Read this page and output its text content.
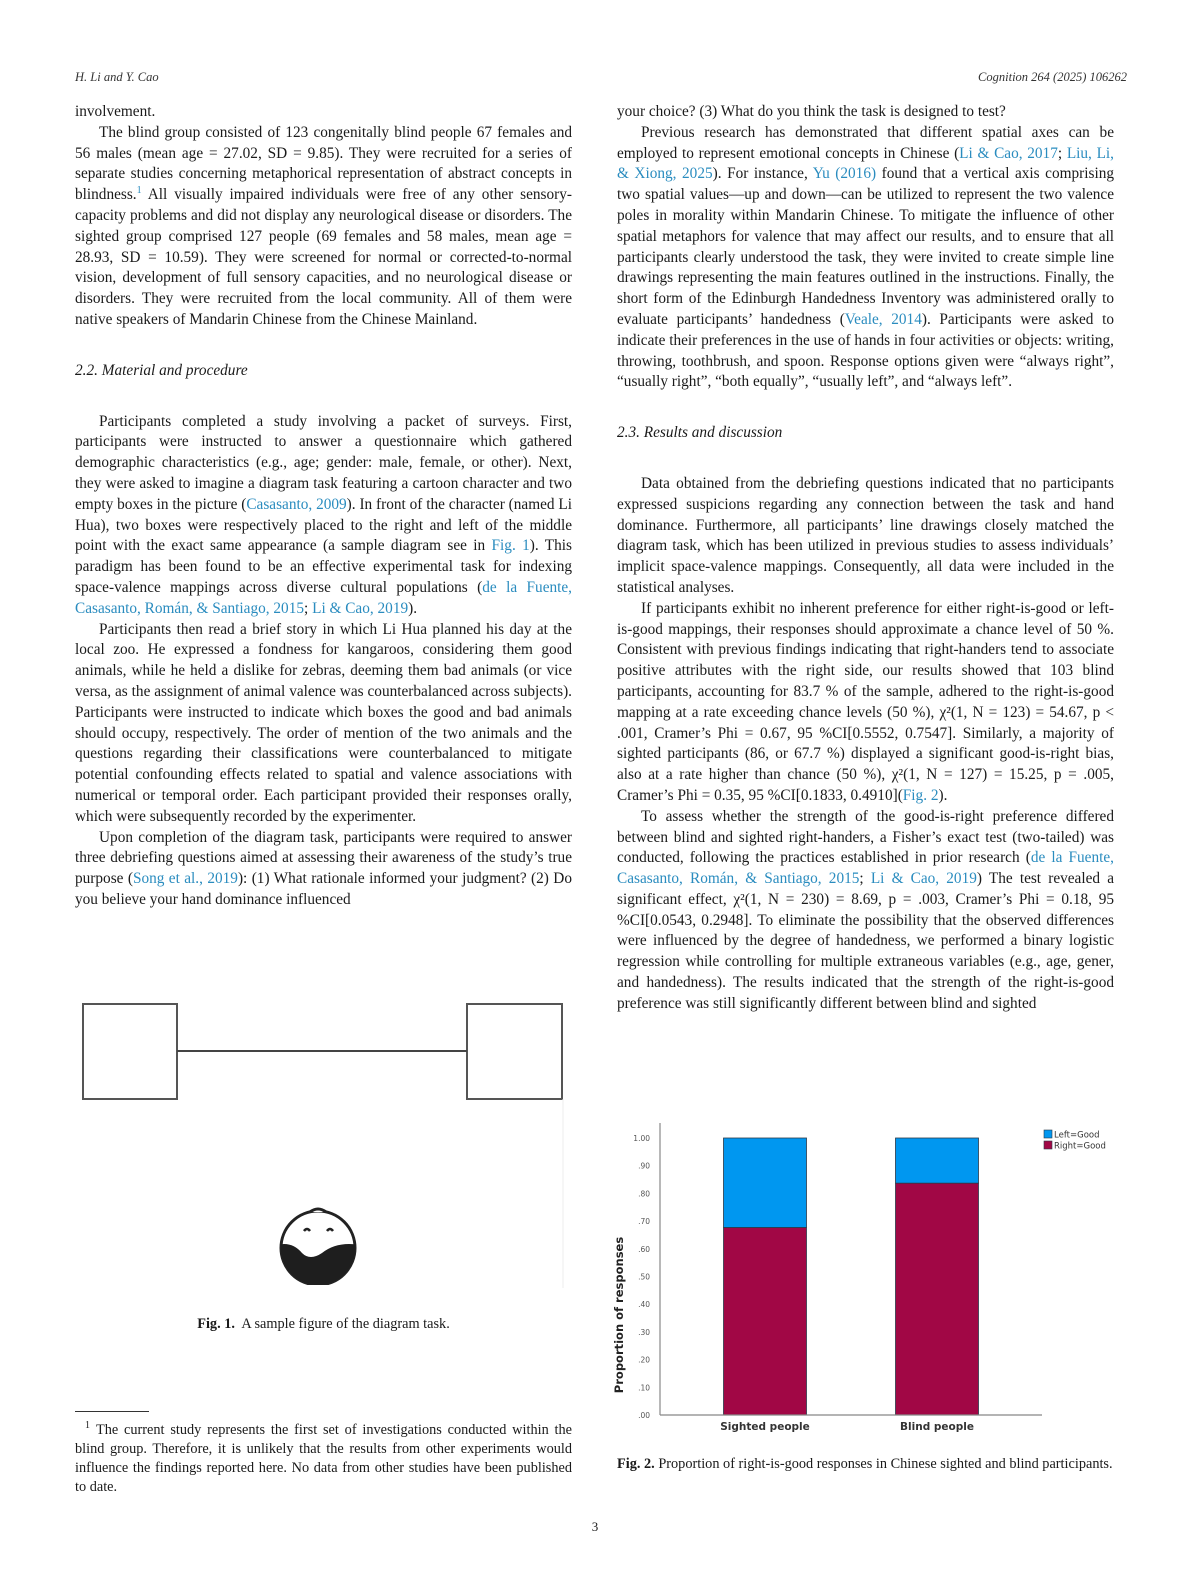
H. Li and Y. Cao	Cognition 264 (2025) 106262

involvement.

The blind group consisted of 123 congenitally blind people 67 females and 56 males (mean age = 27.02, SD = 9.85). They were recruited for a series of separate studies concerning metaphorical representation of abstract concepts in blindness.$^1$ All visually impaired individuals were free of any other sensory-capacity problems and did not display any neurological disease or disorders. The sighted group comprised 127 people (69 females and 58 males, mean age = 28.93, SD = 10.59). They were screened for normal or corrected-to-normal vision, development of full sensory capacities, and no neurological disease or disorders. They were recruited from the local community. All of them were native speakers of Mandarin Chinese from the Chinese Mainland.

2.2. Material and procedure

Participants completed a study involving a packet of surveys. First, participants were instructed to answer a questionnaire which gathered demographic characteristics (e.g., age; gender: male, female, or other). Next, they were asked to imagine a diagram task featuring a cartoon character and two empty boxes in the picture (Casasanto, 2009). In front of the character (named Li Hua), two boxes were respectively placed to the right and left of the middle point with the exact same appearance (a sample diagram see in Fig. 1). This paradigm has been found to be an effective experimental task for indexing space-valence mappings across diverse cultural populations (de la Fuente, Casasanto, Román, & Santiago, 2015; Li & Cao, 2019).

Participants then read a brief story in which Li Hua planned his day at the local zoo. He expressed a fondness for kangaroos, considering them good animals, while he held a dislike for zebras, deeming them bad animals (or vice versa, as the assignment of animal valence was counterbalanced across subjects). Participants were instructed to indicate which boxes the good and bad animals should occupy, respectively. The order of mention of the two animals and the questions regarding their classifications were counterbalanced to mitigate potential confounding effects related to spatial and valence associations with numerical or temporal order. Each participant provided their responses orally, which were subsequently recorded by the experimenter.

Upon completion of the diagram task, participants were required to answer three debriefing questions aimed at assessing their awareness of the study’s true purpose (Song et al., 2019): (1) What rationale informed your judgment? (2) Do you believe your hand dominance influenced

Fig. 1. A sample figure of the diagram task.
$^1$ The current study represents the first set of investigations conducted within the blind group. Therefore, it is unlikely that the results from other experiments would influence the findings reported here. No data from other studies have been published to date.

your choice? (3) What do you think the task is designed to test?

Previous research has demonstrated that different spatial axes can be employed to represent emotional concepts in Chinese (Li & Cao, 2017; Liu, Li, & Xiong, 2025). For instance, Yu (2016) found that a vertical axis comprising two spatial values—up and down—can be utilized to represent the two valence poles in morality within Mandarin Chinese. To mitigate the influence of other spatial metaphors for valence that may affect our results, and to ensure that all participants clearly understood the task, they were invited to create simple line drawings representing the main features outlined in the instructions. Finally, the short form of the Edinburgh Handedness Inventory was administered orally to evaluate participants’ handedness (Veale, 2014). Participants were asked to indicate their preferences in the use of hands in four activities or objects: writing, throwing, toothbrush, and spoon. Response options given were “always right”, “usually right”, “both equally”, “usually left”, and “always left”.

2.3. Results and discussion

Data obtained from the debriefing questions indicated that no participants expressed suspicions regarding any connection between the task and hand dominance. Furthermore, all participants’ line drawings closely matched the diagram task, which has been utilized in previous studies to assess individuals’ implicit space-valence mappings. Consequently, all data were included in the statistical analyses.

If participants exhibit no inherent preference for either right-is-good or left-is-good mappings, their responses should approximate a chance level of 50 %. Consistent with previous findings indicating that right-handers tend to associate positive attributes with the right side, our results showed that 103 blind participants, accounting for 83.7 % of the sample, adhered to the right-is-good mapping at a rate exceeding chance levels (50 %), χ²(1, N = 123) = 54.67, p < .001, Cramer’s Phi = 0.67, 95 %CI[0.5552, 0.7547]. Similarly, a majority of sighted participants (86, or 67.7 %) displayed a significant good-is-right bias, also at a rate higher than chance (50 %), χ²(1, N = 127) = 15.25, p = .005, Cramer’s Phi = 0.35, 95 %CI[0.1833, 0.4910](Fig. 2).

To assess whether the strength of the good-is-right preference differed between blind and sighted right-handers, a Fisher’s exact test (two-tailed) was conducted, following the practices established in prior research (de la Fuente, Casasanto, Román, & Santiago, 2015; Li & Cao, 2019) The test revealed a significant effect, χ²(1, N = 230) = 8.69, p = .003, Cramer’s Phi = 0.18, 95 %CI[0.0543, 0.2948]. To eliminate the possibility that the observed differences were influenced by the degree of handedness, we performed a binary logistic regression while controlling for multiple extraneous variables (e.g., age, gener, and handedness). The results indicated that the strength of the right-is-good preference was still significantly different between blind and sighted

.00
.10
.20
.30
.40
.50
.60
.70
.80
.90
1.00
Sighted people	Blind people
Left=Good
Right=Good
Proportion of responses
Fig. 2. Proportion of right-is-good responses in Chinese sighted and blind participants.
3
